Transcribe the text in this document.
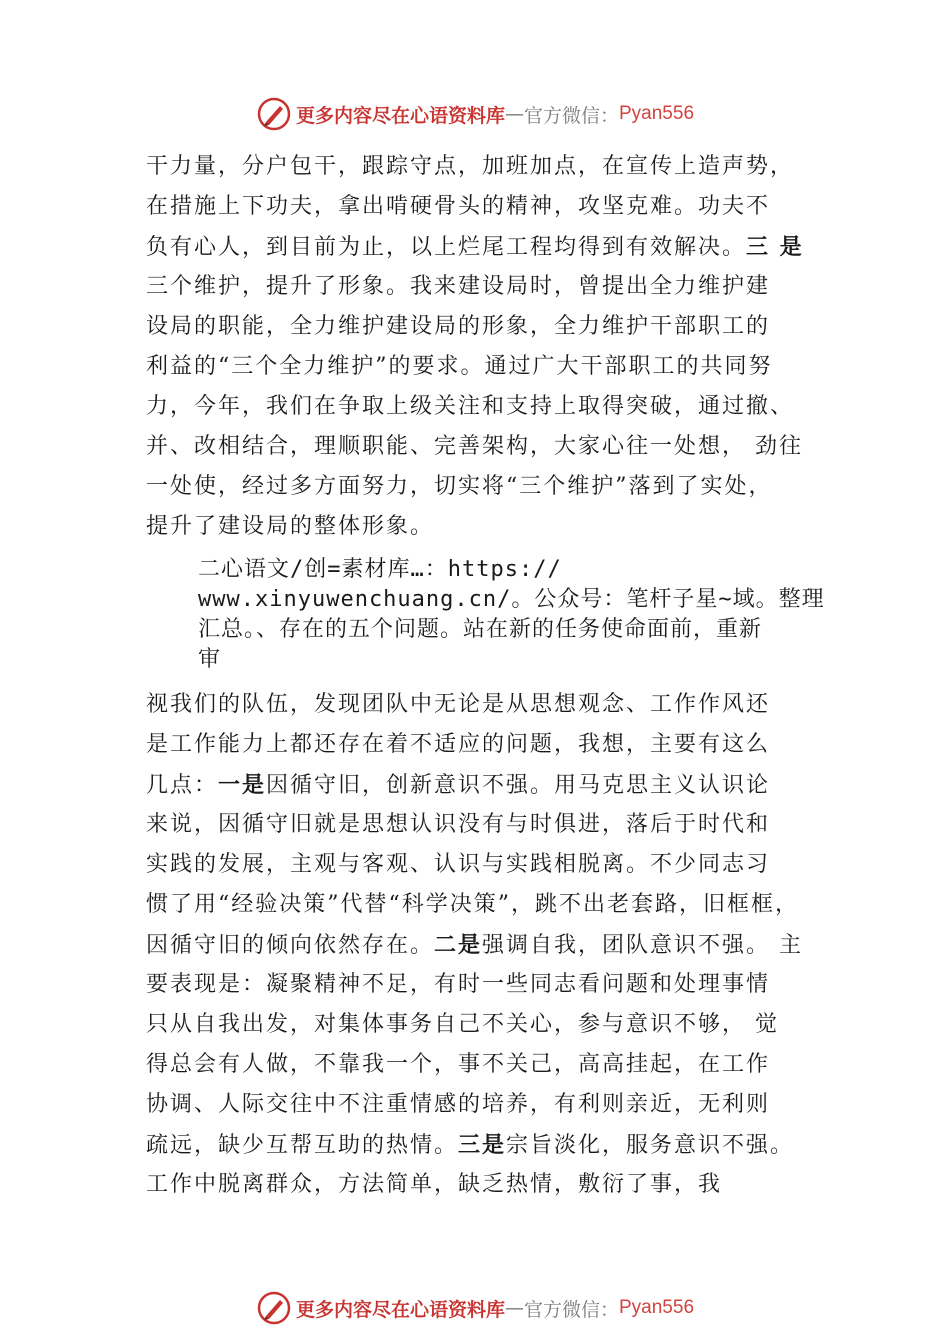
更多内容尽在心语资料库 — 官方微信： Pyan556
干力量，分户包干，跟踪守点，加班加点，在宣传上造声势，
在措施上下功夫，拿出啃硬骨头的精神，攻坚克难。功夫不
负有心人，到目前为止，以上烂尾工程均得到有效解决。三 是
三个维护，提升了形象。我来建设局时，曾提出全力维护建
设局的职能，全力维护建设局的形象，全力维护干部职工的
利益的“三个全力维护”的要求。通过广大干部职工的共同努
力，今年，我们在争取上级关注和支持上取得突破，通过撤、
并、改相结合，理顺职能、完善架构，大家心往一处想， 劲往
一处使，经过多方面努力，切实将“三个维护”落到了实处，
提升了建设局的整体形象。
二心语文/创=素材库…：https://
www.xinyuwenchuang.cn/。公众号：笔杆子星~域。整理
汇总。、存在的五个问题。站在新的任务使命面前，重新
审
视我们的队伍，发现团队中无论是从思想观念、工作作风还
是工作能力上都还存在着不适应的问题，我想，主要有这么
几点：一是因循守旧，创新意识不强。用马克思主义认识论
来说，因循守旧就是思想认识没有与时俱进，落后于时代和
实践的发展，主观与客观、认识与实践相脱离。不少同志习
惯了用“经验决策”代替“科学决策”，跳不出老套路，旧框框，
因循守旧的倾向依然存在。二是强调自我，团队意识不强。 主
要表现是：凝聚精神不足，有时一些同志看问题和处理事情
只从自我出发，对集体事务自己不关心，参与意识不够， 觉
得总会有人做，不靠我一个，事不关己，高高挂起，在工作
协调、人际交往中不注重情感的培养，有利则亲近，无利则
疏远，缺少互帮互助的热情。三是宗旨淡化，服务意识不强。
工作中脱离群众，方法简单，缺乏热情，敷衍了事，我
更多内容尽在心语资料库 — 官方微信： Pyan556
